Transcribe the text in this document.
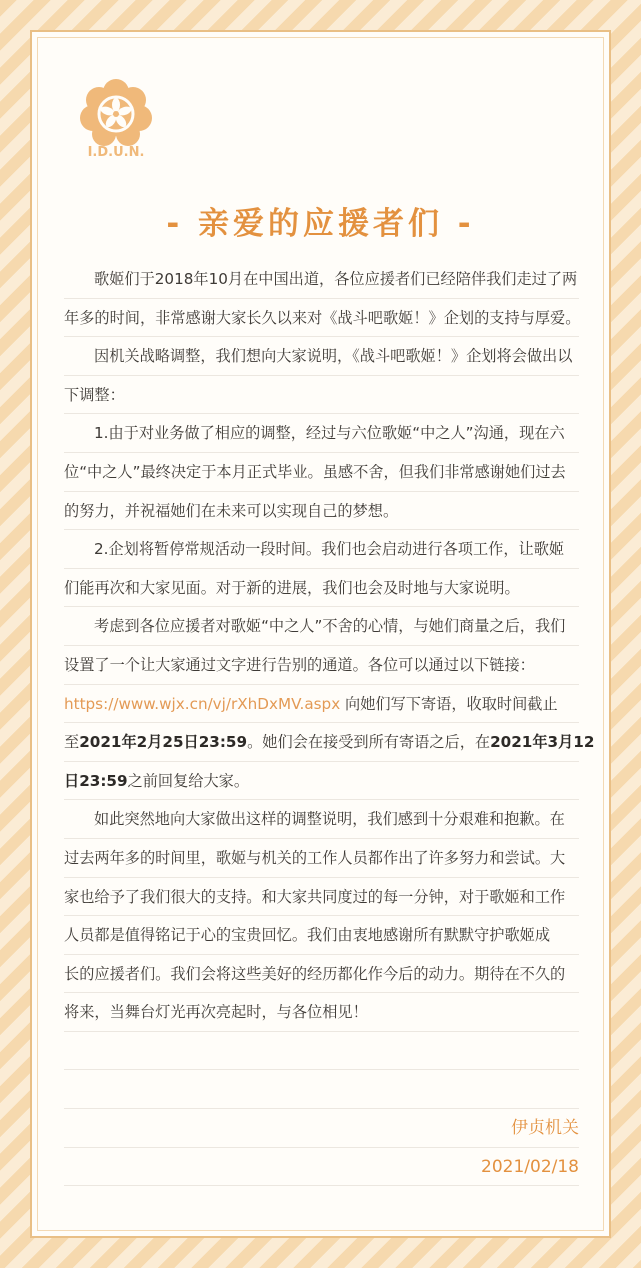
I.D.U.N.
- 亲爱的应援者们 -
歌姬们于2018年10月在中国出道，各位应援者们已经陪伴我们走过了两
年多的时间，非常感谢大家长久以来对《战斗吧歌姬！》企划的支持与厚爱。
因机关战略调整，我们想向大家说明，《战斗吧歌姬！》企划将会做出以
下调整：
1.由于对业务做了相应的调整，经过与六位歌姬“中之人”沟通，现在六
位“中之人”最终决定于本月正式毕业。虽感不舍，但我们非常感谢她们过去
的努力，并祝福她们在未来可以实现自己的梦想。
2.企划将暂停常规活动一段时间。我们也会启动进行各项工作，让歌姬
们能再次和大家见面。对于新的进展，我们也会及时地与大家说明。
考虑到各位应援者对歌姬“中之人”不舍的心情，与她们商量之后，我们
设置了一个让大家通过文字进行告别的通道。各位可以通过以下链接：
https://www.wjx.cn/vj/rXhDxMV.aspx 向她们写下寄语，收取时间截止
至2021年2月25日23:59。她们会在接受到所有寄语之后，在2021年3月12
日23:59之前回复给大家。
如此突然地向大家做出这样的调整说明，我们感到十分艰难和抱歉。在
过去两年多的时间里，歌姬与机关的工作人员都作出了许多努力和尝试。大
家也给予了我们很大的支持。和大家共同度过的每一分钟，对于歌姬和工作
人员都是值得铭记于心的宝贵回忆。我们由衷地感谢所有默默守护歌姬成
长的应援者们。我们会将这些美好的经历都化作今后的动力。期待在不久的
将来，当舞台灯光再次亮起时，与各位相见！
伊贞机关
2021/02/18
